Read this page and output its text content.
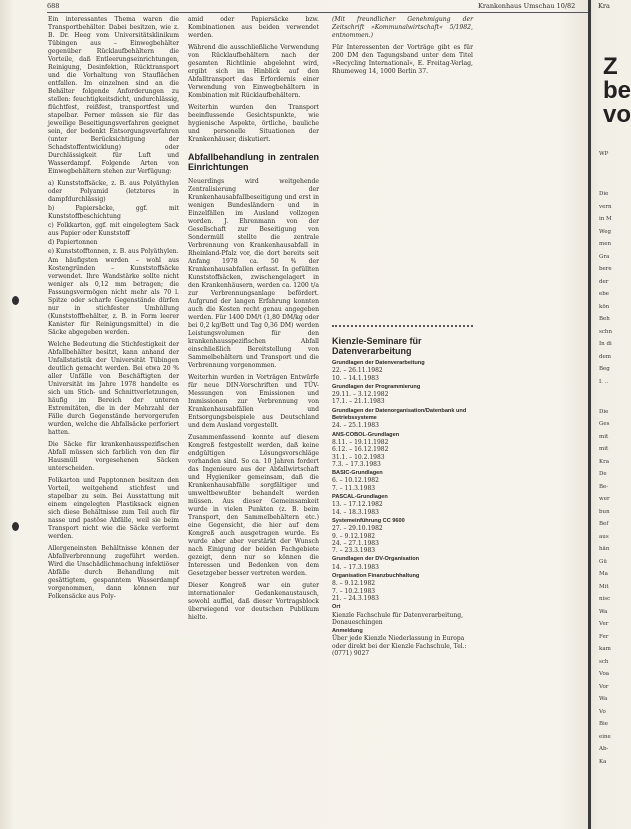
688	Krankenhaus Umschau 10/82	Kra

Ein interessantes Thema waren die Transportbehälter. Dabei besitzen, wie z. B. Dr. Heeg vom Universitätsklinikum Tübingen aus – Einwegbehälter gegenüber Rücklaufbehältern die Vorteile, daß Entleerungseinrichtungen, Reinigung, Desinfektion, Rücktransport und die Vorhaltung von Stauflächen entfallen. Im einzelnen sind an die Behälter folgende Anforderungen zu stellen: feuchtigkeitsdicht, undurchlässig, flüchtfest, reißfest, transportfest und stapelbar. Ferner müssen sie für das jeweilige Beseitigungsverfahren geeignet sein, der bedenkt Entsorgungsverfahren (unter Berücksichtigung der Schadstoffentwicklung) oder Durchlässigkeit für Luft und Wasserdampf. Folgende Arten von Einwegbehältern stehen zur Verfügung:

a) Kunststoffsäcke, z. B. aus Polyäthylen oder Polyamid (letzteres in dampfdurchlässig)

b) Papiersäcke, ggf. mit Kunststoffbeschichtung

c) Folkkarton, ggf. mit eingelegtem Sack aus Papier oder Kunststoff

d) Papiertonnen

e) Kunststofftonnen, z. B. aus Polyäthylen.

Am häufigsten werden – wohl aus Kostengründen – Kunststoffsäcke verwendet. Ihre Wandstärke sollte nicht weniger als 0,12 mm betragen; die Fassungsvermögen nicht mehr als 70 l. Spitze oder scharfe Gegenstände dürfen nur in stichfester Umhüllung (Kunststoffbehälter, z. B. in Form leerer Kanister für Reinigungsmittel) in die Säcke abgegeben werden.

Welche Bedeutung die Stichfestigkeit der Abfallbehälter besitzt, kann anhand der Unfallstatistik der Universität Tübingen deutlich gemacht werden. Bei etwa 20 % aller Unfälle von Beschäftigten der Universität im Jahre 1978 handelte es sich um Stich- und Schnittverletzungen, häufig im Bereich der unteren Extremitäten, die in der Mehrzahl der Fälle durch Gegenstände hervorgerufen wurden, welche die Abfallsäcke perforiert hatten.

Die Säcke für krankenhausspezifischen Abfall müssen sich farblich von den für Hausmüll vorgesehenen Säcken unterscheiden.

Folikarton und Papptonnen besitzen den Vorteil, weitgehend stichfest und stapelbar zu sein. Bei Ausstattung mit einem eingelegten Plastiksack eignen sich diese Behältnisse zum Teil auch für nasse und pastöse Abfälle, weil sie beim Transport nicht wie die Säcke verformt werden.

Allergeneinsten Behältnisse können der Abfallverbrennung zugeführt werden. Wird die Unschädlichmachung infektiöser Abfälle durch Behandlung mit gesättigtem, gespanntem Wasserdampf vorgenommen, dann können nur Folkensäcke aus Poly-

amid oder Papiersäcke bzw. Kombinationen aus beiden verwendet werden.

Während die ausschließliche Verwendung von Rücklaufbehältern nach der gesamten Richtlinie abgelehnt wird, ergibt sich im Hinblick auf den Abfalltransport das Erfordernis einer Verwendung von Einwegbehältern in Kombination mit Rücklaufbehältern.

Weiterhin wurden den Transport beeinflussende Gesichtspunkte, wie hygienische Aspekte, örtliche, bauliche und personelle Situationen der Krankenhäuser, diskutiert.

Abfallbehandlung in zentralen Einrichtungen

Neuerdings wird weitgehende Zentralisierung der Krankenhausabfallbeseitigung und erst in wenigen Bundesländern und in Einzelfällen im Ausland vollzogen worden. J. Ehrenmann von der Gesellschaft zur Beseitigung von Sondermüll stellte die zentrale Verbrennung von Krankenhausabfall in Rheinland-Pfalz vor, die dort bereits seit Anfang 1978 ca. 50 % der Krankenhausabfallen erfasst. In gefüllten Kunststoffsäcken, zwischengelagert in den Krankenhäusern, werden ca. 1200 t/a zur Verbrennungsanlage befördert. Aufgrund der langen Erfahrung konnten auch die Kosten recht genau angegeben werden. Für 1400 DM/t (1,80 DM/kg oder bei 0,2 kg/Bett und Tag 0,36 DM) werden Leistungsvolumen für den krankenhausspezifischen Abfall einschließlich Bereitstellung von Sammelbehältern und Transport und die Verbrennung vorgenommen.

Weiterhin wurden in Vorträgen Entwürfe für neue DIN-Vorschriften und TÜV-Messungen von Emissionen und Immissionen zur Verbrennung von Krankenhausabfällen und Entsorgungsbeispiele aus Deutschland und dem Ausland vorgestellt.

Zusammenfassend konnte auf diesem Kongreß festgestellt werden, daß keine endgültigen Lösungsvorschläge vorhanden sind. So ca. 10 Jahren fordert das Ingenieure aus der Abfallwirtschaft und Hygieniker gemeinsam, daß die Krankenhausabfälle sorgfältiger und umweltbewußter behandelt werden müssen. Aus dieser Gemeinsamkeit wurde in vielen Punkten (z. B. beim Transport, den Sammelbehältern etc.) eine Gegensicht, die hier auf dem Kongreß auch ausgetragen wurde. Es wurde aber aber verstärkt der Wunsch nach Einigung der beiden Fachgebiete gezeigt, denn nur so können die Interessen und Bedenken von dem Gesetzgeber besser vertreten werden.

Dieser Kongreß war ein guter internationaler Gedankenaustausch, sowohl auffiel, daß dieser Vortragsblock überwiegend vor deutschen Publikum hielte.

(Mit freundlicher Genehmigung der Zeitschrift »Kommunalwirtschaft« 5/1982, entnommen.)

Für Interessenten der Vorträge gibt es für 200 DM den Tagungsband unter dem Titel »Recycling International«, E. Freitag-Verlag, Rhumeweg 14, 1000 Berlin 37.

Kienzle-Seminare für Datenverarbeitung
Grundlagen der Datenverarbeitung
22. – 26.11.1982
10. – 14.1.1983
Grundlagen der Programmierung
29.11. – 3.12.1982
17.1. – 21.1.1983
Grundlagen der Datenorganisation/Datenbank und Betriebssysteme
24. – 25.1.1983
ANS-COBOL-Grundlagen
8.11. – 19.11.1982
6.12. – 16.12.1982
31.1. – 10.2.1983
7.3. – 17.3.1983
BASIC-Grundlagen
6. – 10.12.1982
7. – 11.3.1983
PASCAL-Grundlagen
13. – 17.12.1982
14. – 18.3.1983
Systemeinführung CC 9600
27. – 29.10.1982
9. – 9.12.1982
24. – 27.1.1983
7. – 23.3.1983
Grundlagen der DV-Organisation
14. – 17.3.1983
Organisation Finanzbuchhaltung
8. – 9.12.1982
7. – 10.2.1983
21. – 24.3.1983
Ort
Kienzle Fachschule für Datenverarbeitung, Donaueschingen
Anmeldung
Über jede Kienzle Niederlassung in Europa oder direkt bei der Kienzle Fachschule, Tel.: (0771) 9027
Z
be
vo
WP
Die
vern
in M
Weg
men
Gra
bere
der
ebe
kön
Beh
schn
In di
dem
Beg
I. ..
Die
Ges
mit
mit
Kra
De
Be-
wer
bun
Bef
aus
hän
Gü
Ma
Mit
nisc
Wa
Ver
Fer
kam
sch
Voa
Vor
Wa
Vo
Bie
eine
Ab-
Ka
